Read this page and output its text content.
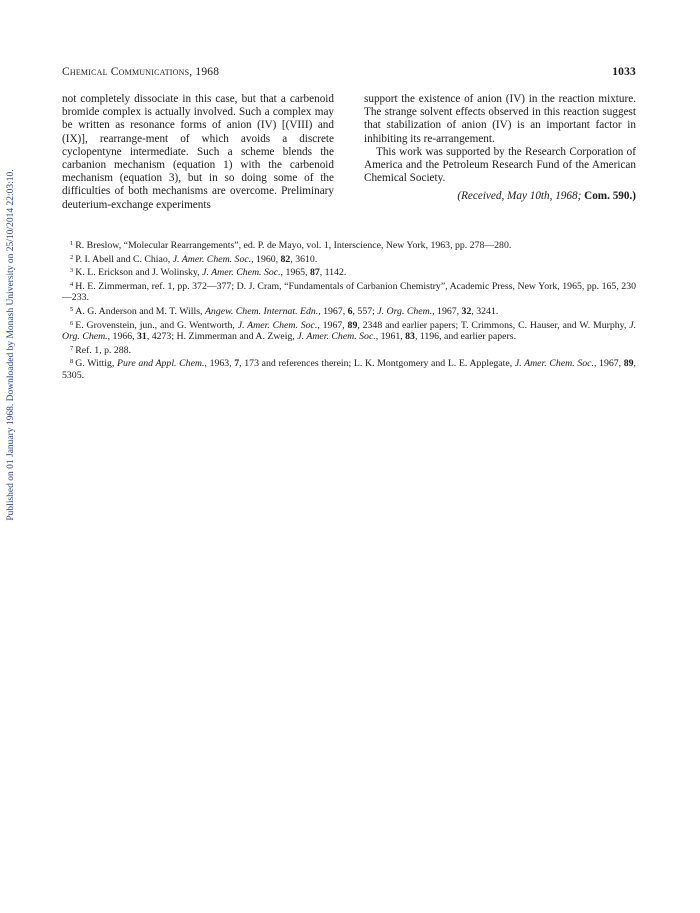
Published on 01 January 1968. Downloaded by Monash University on 25/10/2014 22:03:10.
Chemical Communications, 1968	1033

not completely dissociate in this case, but that a carbenoid bromide complex is actually involved. Such a complex may be written as resonance forms of anion (IV) [(VIII) and (IX)], rearrange-ment of which avoids a discrete cyclopentyne intermediate. Such a scheme blends the carbanion mechanism (equation 1) with the carbenoid mechanism (equation 3), but in so doing some of the difficulties of both mechanisms are overcome. Preliminary deuterium-exchange experiments

support the existence of anion (IV) in the reaction mixture. The strange solvent effects observed in this reaction suggest that stabilization of anion (IV) is an important factor in inhibiting its re-arrangement.

This work was supported by the Research Corporation of America and the Petroleum Research Fund of the American Chemical Society.

(Received, May 10th, 1968; Com. 590.)

$^1$ R. Breslow, “Molecular Rearrangements”, ed. P. de Mayo, vol. 1, Interscience, New York, 1963, pp. 278—280.

$^2$ P. I. Abell and C. Chiao, J. Amer. Chem. Soc., 1960, 82, 3610.

$^3$ K. L. Erickson and J. Wolinsky, J. Amer. Chem. Soc., 1965, 87, 1142.

$^4$ H. E. Zimmerman, ref. 1, pp. 372—377; D. J. Cram, “Fundamentals of Carbanion Chemistry”, Academic Press, New York, 1965, pp. 165, 230—233.

$^5$ A. G. Anderson and M. T. Wills, Angew. Chem. Internat. Edn., 1967, 6, 557; J. Org. Chem., 1967, 32, 3241.

$^6$ E. Grovenstein, jun., and G. Wentworth, J. Amer. Chem. Soc., 1967, 89, 2348 and earlier papers; T. Crimmons, C. Hauser, and W. Murphy, J. Org. Chem., 1966, 31, 4273; H. Zimmerman and A. Zweig, J. Amer. Chem. Soc., 1961, 83, 1196, and earlier papers.

$^7$ Ref. 1, p. 288.

$^8$ G. Wittig, Pure and Appl. Chem., 1963, 7, 173 and references therein; L. K. Montgomery and L. E. Applegate, J. Amer. Chem. Soc., 1967, 89, 5305.
